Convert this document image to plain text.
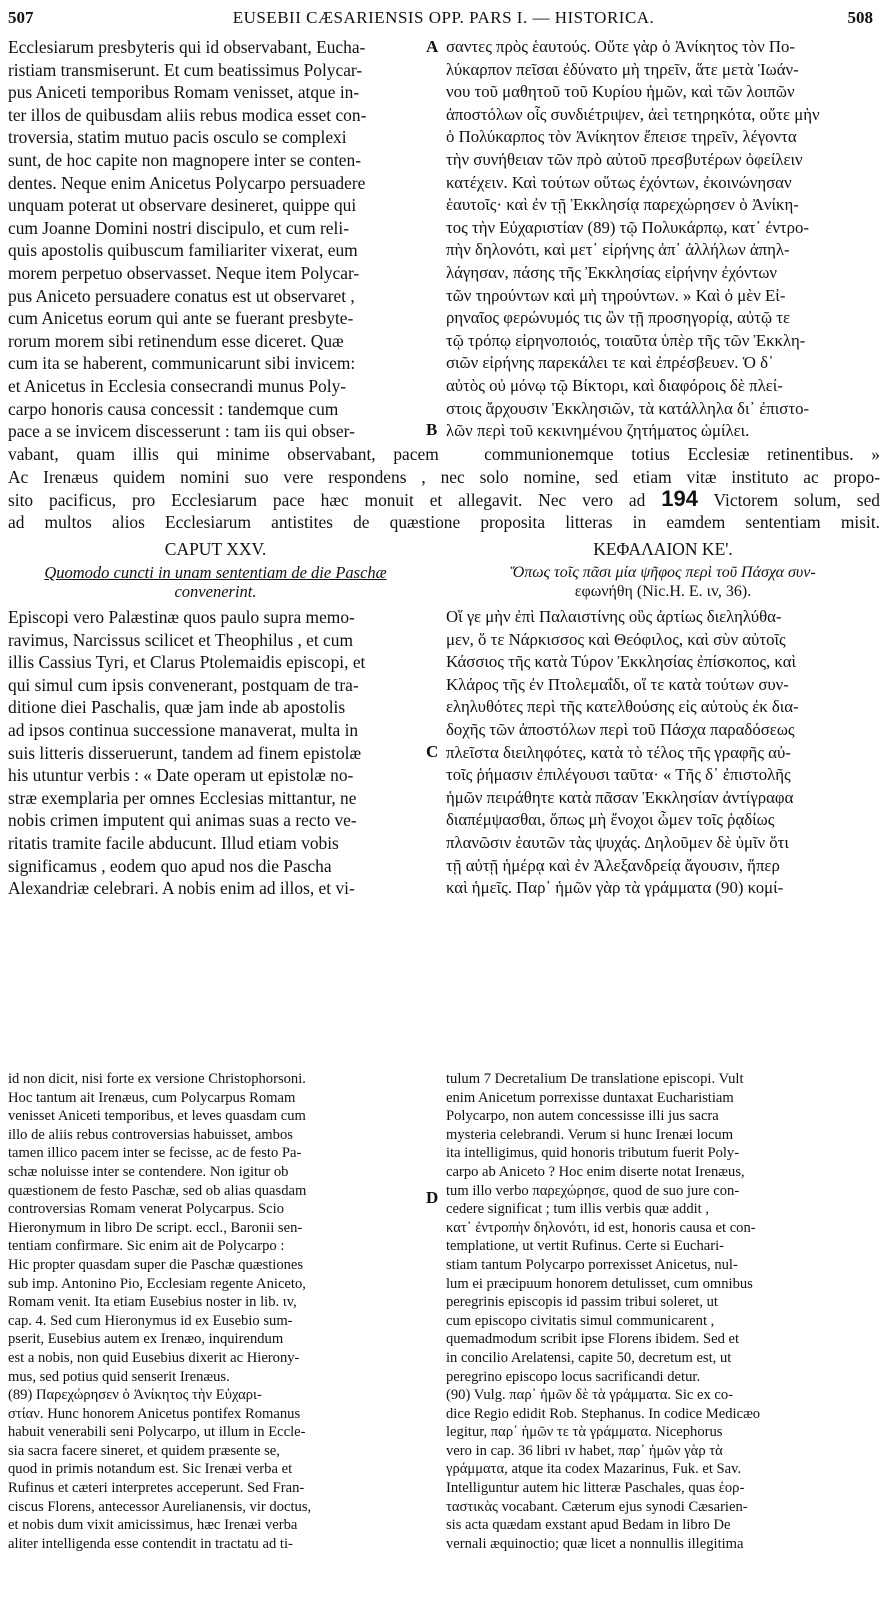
507	EUSEBII CÆSARIENSIS OPP. PARS I. — HISTORICA.	508
Ecclesiarum presbyteris qui id observabant, Eucha-
ristiam transmiserunt. Et cum beatissimus Polycar-
pus Aniceti temporibus Romam venisset, atque in-
ter illos de quibusdam aliis rebus modica esset con-
troversia, statim mutuo pacis osculo se complexi
sunt, de hoc capite non magnopere inter se conten-
dentes. Neque enim Anicetus Polycarpo persuadere
unquam poterat ut observare desineret, quippe qui
cum Joanne Domini nostri discipulo, et cum reli-
quis apostolis quibuscum familiariter vixerat, eum
morem perpetuo observasset. Neque item Polycar-
pus Aniceto persuadere conatus est ut observaret ,
cum Anicetus eorum qui ante se fuerant presbyte-
rorum morem sibi retinendum esse diceret. Quæ
cum ita se haberent, communicarunt sibi invicem:
et Anicetus in Ecclesia consecrandi munus Poly-
carpo honoris causa concessit : tandemque cum
pace a se invicem discesserunt : tam iis qui obser-
A σαντες πρὸς ἑαυτούς. Οὔτε γὰρ ὁ Ἀνίκητος τὸν Πο-
λύκαρπον πεῖσαι ἐδύνατο μὴ τηρεῖν, ἅτε μετὰ Ἰωάν-
νου τοῦ μαθητοῦ τοῦ Κυρίου ἡμῶν, καὶ τῶν λοιπῶν
ἀποστόλων οἷς συνδιέτριψεν, ἀεὶ τετηρηκότα, οὔτε μὴν
ὁ Πολύκαρπος τὸν Ἀνίκητον ἔπεισε τηρεῖν, λέγοντα
τὴν συνήθειαν τῶν πρὸ αὐτοῦ πρεσβυτέρων ὀφείλειν
κατέχειν. Καὶ τούτων οὕτως ἐχόντων, ἐκοινώνησαν
ἑαυτοῖς· καὶ ἐν τῇ Ἐκκλησίᾳ παρεχώρησεν ὁ Ἀνίκη-
τος τὴν Εὐχαριστίαν (89) τῷ Πολυκάρπῳ, κατ᾽ ἐντρο-
πὴν δηλονότι, καὶ μετ᾽ εἰρήνης ἀπ᾽ ἀλλήλων ἀπηλ-
λάγησαν, πάσης τῆς Ἐκκλησίας εἰρήνην ἐχόντων
τῶν τηρούντων καὶ μὴ τηρούντων. » Καὶ ὁ μὲν Εἰ-
ρηναῖος φερώνυμός τις ὢν τῇ προσηγορίᾳ, αὐτῷ τε
τῷ τρόπῳ εἰρηνοποιός, τοιαῦτα ὑπὲρ τῆς τῶν Ἐκκλη-
σιῶν εἰρήνης παρεκάλει τε καὶ ἐπρέσβευεν. Ὁ δ᾽
αὐτὸς οὐ μόνῳ τῷ Βίκτορι, καὶ διαφόροις δὲ πλεί-
στοις ἄρχουσιν Ἐκκλησιῶν, τὰ κατάλληλα δι᾽ ἐπιστο-
λῶν περὶ τοῦ κεκινημένου ζητήματος ὡμίλει.
B
vabant, quam illis qui minime observabant, pacem	communionemque totius Ecclesiæ retinentibus. »
Ac Irenæus quidem nomini suo vere respondens , nec solo nomine, sed etiam vitæ instituto ac propo-
sito pacificus, pro Ecclesiarum pace hæc monuit et allegavit. Nec vero ad 194 Victorem solum, sed
ad multos alios Ecclesiarum antistites de quæstione proposita litteras in eamdem sententiam misit.
CAPUT XXV.
Quomodo cuncti in unam sententiam de die Paschæ
convenerint.
ΚΕΦΑΛΑΙΟΝ ΚΕ'.
Ὅπως τοῖς πᾶσι μία ψῆφος περὶ τοῦ Πάσχα συν-
εφωνήθη (Nic.H. E. ιv, 36).
Episcopi vero Palæstinæ quos paulo supra memo-
ravimus, Narcissus scilicet et Theophilus , et cum
illis Cassius Tyri, et Clarus Ptolemaidis episcopi, et
qui simul cum ipsis convenerant, postquam de tra-
ditione diei Paschalis, quæ jam inde ab apostolis
ad ipsos continua successione manaverat, multa in
suis litteris disseruerunt, tandem ad finem epistolæ
his utuntur verbis : « Date operam ut epistolæ no-
stræ exemplaria per omnes Ecclesias mittantur, ne
nobis crimen imputent qui animas suas a recto ve-
ritatis tramite facile abducunt. Illud etiam vobis
significamus , eodem quo apud nos die Pascha
Alexandriæ celebrari. A nobis enim ad illos, et vi-
C
Οἵ γε μὴν ἐπὶ Παλαιστίνης οὓς ἀρτίως διεληλύθα-
μεν, ὅ τε Νάρκισσος καὶ Θεόφιλος, καὶ σὺν αὐτοῖς
Κάσσιος τῆς κατὰ Τύρον Ἐκκλησίας ἐπίσκοπος, καὶ
Κλάρος τῆς ἐν Πτολεμαΐδι, οἵ τε κατὰ τούτων συν-
εληλυθότες περὶ τῆς κατελθούσης εἰς αὐτοὺς ἐκ δια-
δοχῆς τῶν ἀποστόλων περὶ τοῦ Πάσχα παραδόσεως
πλεῖστα διειληφότες, κατὰ τὸ τέλος τῆς γραφῆς αὐ-
τοῖς ῥήμασιν ἐπιλέγουσι ταῦτα· « Τῆς δ᾽ ἐπιστολῆς
ἡμῶν πειράθητε κατὰ πᾶσαν Ἐκκλησίαν ἀντίγραφα
διαπέμψασθαι, ὅπως μὴ ἔνοχοι ὦμεν τοῖς ῥᾳδίως
πλανῶσιν ἑαυτῶν τὰς ψυχάς. Δηλοῦμεν δὲ ὑμῖν ὅτι
τῇ αὐτῇ ἡμέρᾳ καὶ ἐν Ἀλεξανδρείᾳ ἄγουσιν, ἥπερ
καὶ ἡμεῖς. Παρ᾽ ἡμῶν γὰρ τὰ γράμματα (90) κομί-
id non dicit, nisi forte ex versione Christophorsoni.
Hoc tantum ait Irenæus, cum Polycarpus Romam
venisset Aniceti temporibus, et leves quasdam cum
illo de aliis rebus controversias habuisset, ambos
tamen illico pacem inter se fecisse, ac de festo Pa-
schæ noluisse inter se contendere. Non igitur ob
quæstionem de festo Paschæ, sed ob alias quasdam
controversias Romam venerat Polycarpus. Scio
Hieronymum in libro De script. eccl., Baronii sen-
tentiam confirmare. Sic enim ait de Polycarpo :
Hic propter quasdam super die Paschæ quæstiones
sub imp. Antonino Pio, Ecclesiam regente Aniceto,
Romam venit. Ita etiam Eusebius noster in lib. ιv,
cap. 4. Sed cum Hieronymus id ex Eusebio sum-
pserit, Eusebius autem ex Irenæo, inquirendum
est a nobis, non quid Eusebius dixerit ac Hierony-
mus, sed potius quid senserit Irenæus.
(89) Παρεχώρησεν ὁ Ἀνίκητος τὴν Εὐχαρι-
στίαν. Hunc honorem Anicetus pontifex Romanus
habuit venerabili seni Polycarpo, ut illum in Eccle-
sia sacra facere sineret, et quidem præsente se,
quod in primis notandum est. Sic Irenæi verba et
Rufinus et cæteri interpretes acceperunt. Sed Fran-
ciscus Florens, antecessor Aurelianensis, vir doctus,
et nobis dum vixit amicissimus, hæc Irenæi verba
aliter intelligenda esse contendit in tractatu ad ti-
D
tulum 7 Decretalium De translatione episcopi. Vult
enim Anicetum porrexisse duntaxat Eucharistiam
Polycarpo, non autem concessisse illi jus sacra
mysteria celebrandi. Verum si hunc Irenæi locum
ita intelligimus, quid honoris tributum fuerit Poly-
carpo ab Aniceto ? Hoc enim diserte notat Irenæus,
tum illo verbo παρεχώρησε, quod de suo jure con-
cedere significat ; tum illis verbis quæ addit ,
κατ᾽ ἐντροπὴν δηλονότι, id est, honoris causa et con-
templatione, ut vertit Rufinus. Certe si Euchari-
stiam tantum Polycarpo porrexisset Anicetus, nul-
lum ei præcipuum honorem detulisset, cum omnibus
peregrinis episcopis id passim tribui soleret, ut
cum episcopo civitatis simul communicarent ,
quemadmodum scribit ipse Florens ibidem. Sed et
in concilio Arelatensi, capite 50, decretum est, ut
peregrino episcopo locus sacrificandi detur.
(90) Vulg. παρ᾽ ἡμῶν δὲ τὰ γράμματα. Sic ex co-
dice Regio edidit Rob. Stephanus. In codice Medicæo
legitur, παρ᾽ ἡμῶν τε τὰ γράμματα. Nicephorus
vero in cap. 36 libri ιv habet, παρ᾽ ἡμῶν γὰρ τὰ
γράμματα, atque ita codex Mazarinus, Fuk. et Sav.
Intelliguntur autem hic litteræ Paschales, quas ἑορ-
ταστικὰς vocabant. Cæterum ejus synodi Cæsarien-
sis acta quædam exstant apud Bedam in libro De
vernali æquinoctio; quæ licet a nonnullis illegitima
